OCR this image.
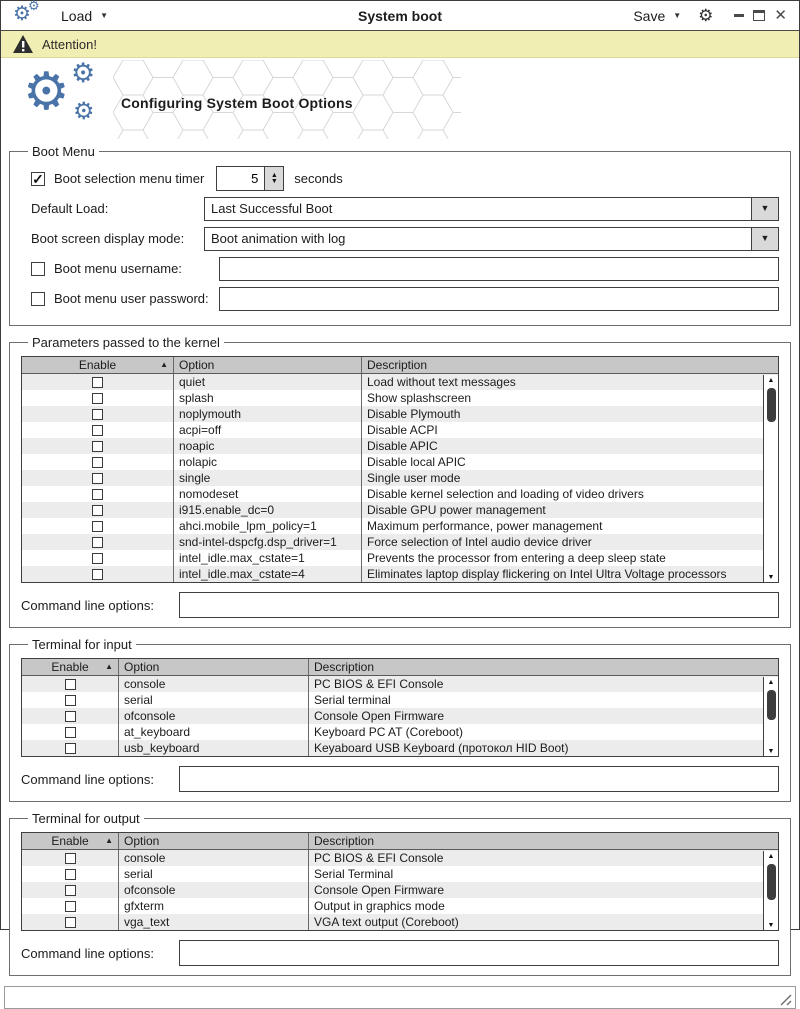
⚙
⚙
Load ▼	System boot	Save ▼ ⚙	✕
Attention!
⚙ ⚙
⚙ Configuring System Boot Options
Boot Menu
✓ Boot selection menu timer
5	▲
▼ seconds
Default Load:	Last Successful Boot	▼
Boot screen display mode:	Boot animation with log	▼
Boot menu username:
Boot menu user password:
Parameters passed to the kernel
Enable	▲ Option	Description
quiet	Load without text messages
splash	Show splashscreen
noplymouth	Disable Plymouth
acpi=off	Disable ACPI
noapic	Disable APIC
nolapic	Disable local APIC
single	Single user mode
nomodeset	Disable kernel selection and loading of video drivers
i915.enable_dc=0	Disable GPU power management
ahci.mobile_lpm_policy=1	Maximum performance, power management
snd-intel-dspcfg.dsp_driver=1	Force selection of Intel audio device driver
intel_idle.max_cstate=1	Prevents the processor from entering a deep sleep state
intel_idle.max_cstate=4	Eliminates laptop display flickering on Intel Ultra Voltage processors
▲
▼
Command line options:
Terminal for input
Enable ▲ Option	Description
console	PC BIOS & EFI Console
serial	Serial terminal
ofconsole	Console Open Firmware
at_keyboard	Keyboard PC AT (Coreboot)
usb_keyboard	Keyaboard USB Keyboard (протокол HID Boot)
▲
▼
Command line options:
Terminal for output
Enable ▲ Option	Description
console	PC BIOS & EFI Console
serial	Serial Terminal
ofconsole	Console Open Firmware
gfxterm	Output in graphics mode
vga_text	VGA text output (Coreboot)
▲
▼
Command line options:
